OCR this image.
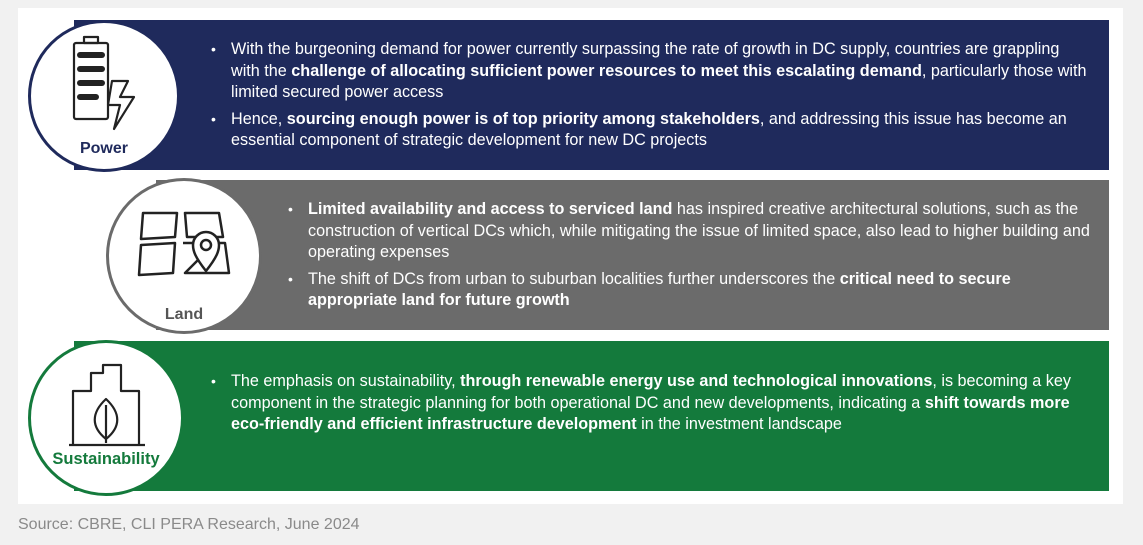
• With the burgeoning demand for power currently surpassing the rate of growth in DC supply, countries are grappling with the challenge of allocating sufficient power resources to meet this escalating demand, particularly those with limited secured power access
• Hence, sourcing enough power is of top priority among stakeholders, and addressing this issue has become an essential component of strategic development for new DC projects
• Limited availability and access to serviced land has inspired creative architectural solutions, such as the construction of vertical DCs which, while mitigating the issue of limited space, also lead to higher building and operating expenses
• The shift of DCs from urban to suburban localities further underscores the critical need to secure appropriate land for future growth
• The emphasis on sustainability, through renewable energy use and technological innovations, is becoming a key component in the strategic planning for both operational DC and new developments, indicating a shift towards more eco-friendly and efficient infrastructure development in the investment landscape
Power
Land
Sustainability
Source: CBRE, CLI PERA Research, June 2024
